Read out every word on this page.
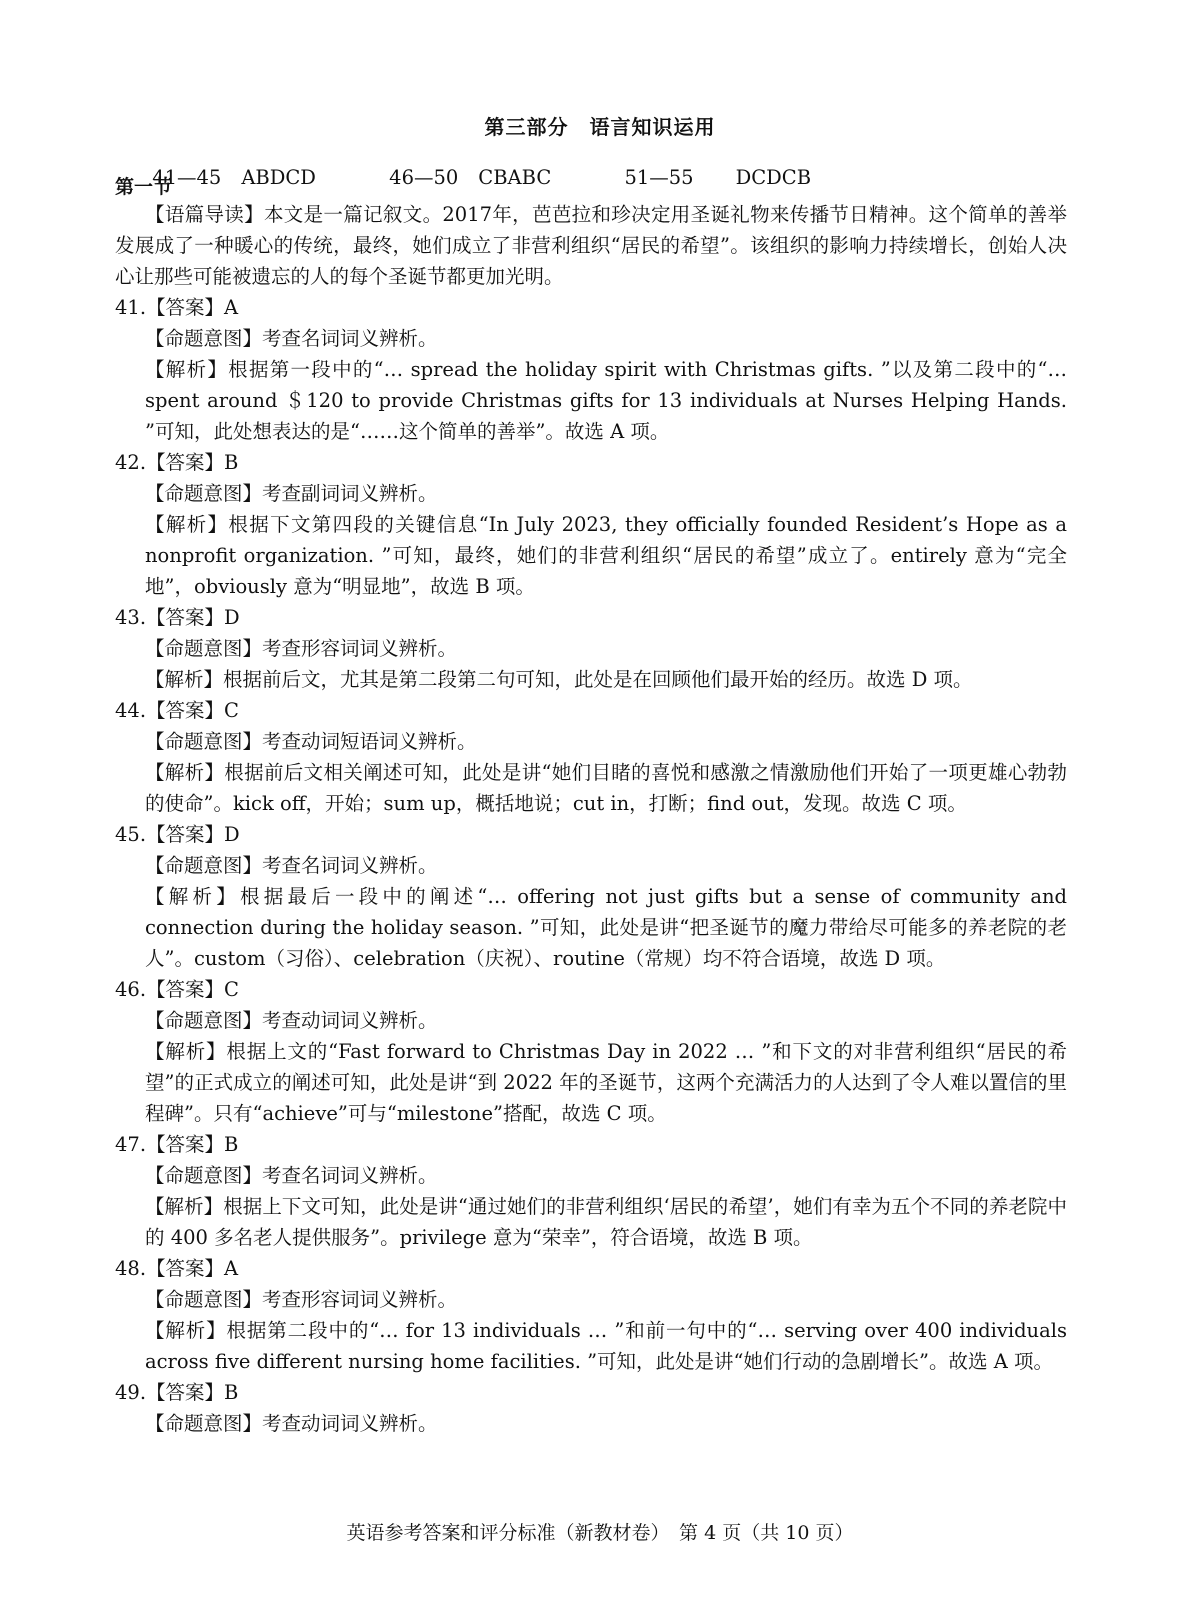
第三部分　语言知识运用

41—45 ABDCD
	46—50 CBABC
	51—55 DCDCB

第一节
【语篇导读】本文是一篇记叙文。2017年，芭芭拉和珍决定用圣诞礼物来传播节日精神。这个简单的善举发展成了一种暖心的传统，最终，她们成立了非营利组织“居民的希望”。该组织的影响力持续增长，创始人决心让那些可能被遗忘的人的每个圣诞节都更加光明。
41.【答案】A
【命题意图】考查名词词义辨析。
【解析】根据第一段中的“… spread the holiday spirit with Christmas gifts. ”以及第二段中的“… spent around ＄120 to provide Christmas gifts for 13 individuals at Nurses Helping Hands. ”可知，此处想表达的是“……这个简单的善举”。故选 A 项。
42.【答案】B
【命题意图】考查副词词义辨析。
【解析】根据下文第四段的关键信息“In July 2023, they officially founded Resident’s Hope as a nonprofit organization. ”可知，最终，她们的非营利组织“居民的希望”成立了。entirely 意为“完全地”，obviously 意为“明显地”，故选 B 项。
43.【答案】D
【命题意图】考查形容词词义辨析。
【解析】根据前后文，尤其是第二段第二句可知，此处是在回顾他们最开始的经历。故选 D 项。
44.【答案】C
【命题意图】考查动词短语词义辨析。
【解析】根据前后文相关阐述可知，此处是讲“她们目睹的喜悦和感激之情激励他们开始了一项更雄心勃勃的使命”。kick off，开始；sum up，概括地说；cut in，打断；find out，发现。故选 C 项。
45.【答案】D
【命题意图】考查名词词义辨析。
【解析】根据最后一段中的阐述“… offering not just gifts but a sense of community and connection during the holiday season. ”可知，此处是讲“把圣诞节的魔力带给尽可能多的养老院的老人”。custom（习俗）、celebration（庆祝）、routine（常规）均不符合语境，故选 D 项。
46.【答案】C
【命题意图】考查动词词义辨析。
【解析】根据上文的“Fast forward to Christmas Day in 2022 … ”和下文的对非营利组织“居民的希望”的正式成立的阐述可知，此处是讲“到 2022 年的圣诞节，这两个充满活力的人达到了令人难以置信的里程碑”。只有“achieve”可与“milestone”搭配，故选 C 项。
47.【答案】B
【命题意图】考查名词词义辨析。
【解析】根据上下文可知，此处是讲“通过她们的非营利组织‘居民的希望’，她们有幸为五个不同的养老院中的 400 多名老人提供服务”。privilege 意为“荣幸”，符合语境，故选 B 项。
48.【答案】A
【命题意图】考查形容词词义辨析。
【解析】根据第二段中的“… for 13 individuals … ”和前一句中的“… serving over 400 individuals across five different nursing home facilities. ”可知，此处是讲“她们行动的急剧增长”。故选 A 项。
49.【答案】B
【命题意图】考查动词词义辨析。
英语参考答案和评分标准（新教材卷）　第 4 页（共 10 页）
